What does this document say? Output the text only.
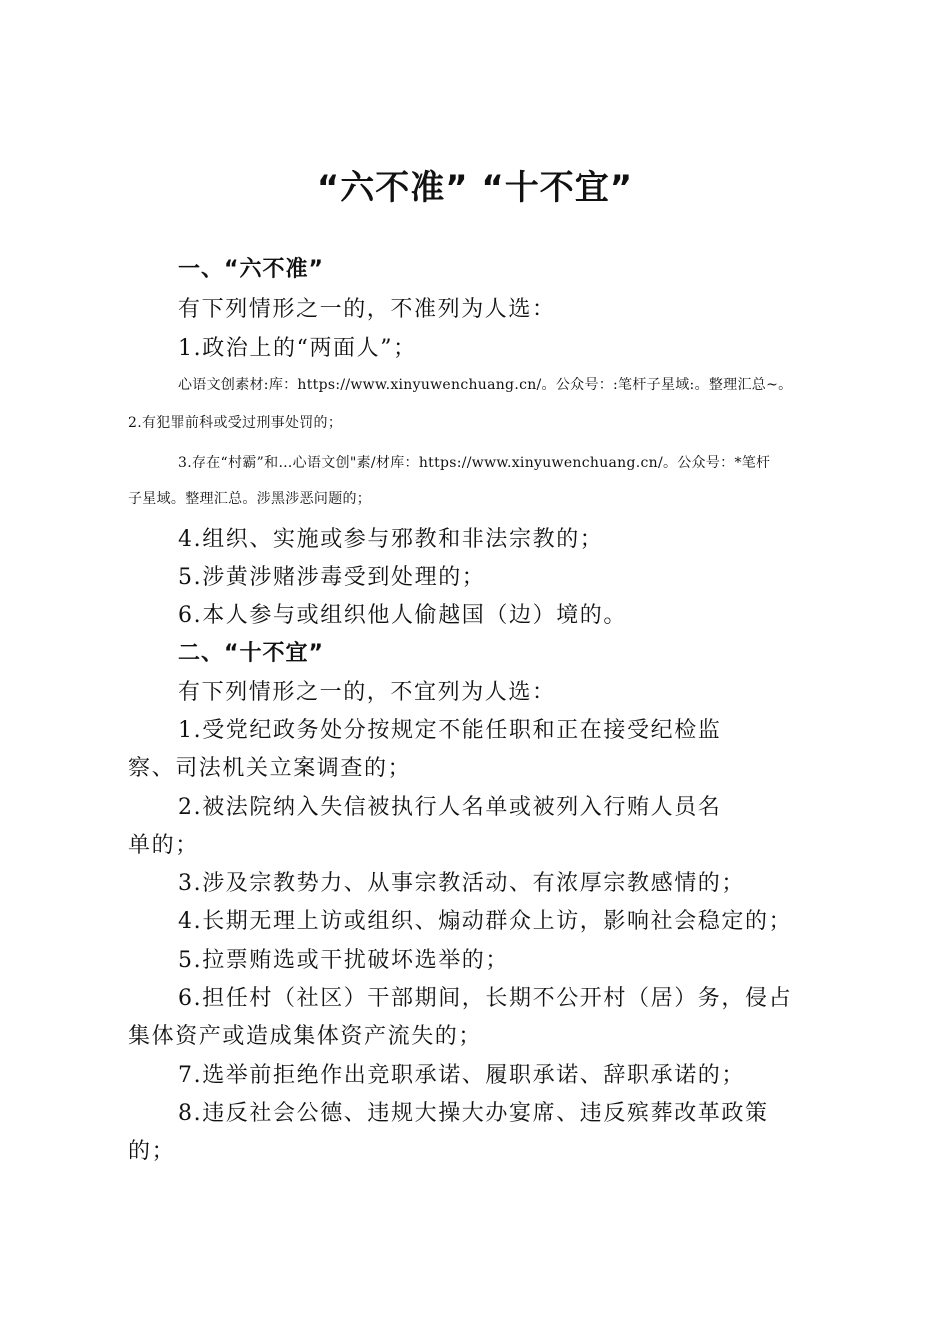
“六不准” “十不宜”

一、“六不准”

有下列情形之一的，不准列为人选：

1.政治上的“两面人”；

心语文创素材:库：https://www.xinyuwenchuang.cn/。公众号：:笔杆子星域:。整理汇总~。

2.有犯罪前科或受过刑事处罚的；

3.存在“村霸”和…心语文创"素/材库：https://www.xinyuwenchuang.cn/。公众号：*笔杆

子星域。整理汇总。涉黑涉恶问题的；

4.组织、实施或参与邪教和非法宗教的；

5.涉黄涉赌涉毒受到处理的；

6.本人参与或组织他人偷越国（边）境的。

二、“十不宜”

有下列情形之一的，不宜列为人选：

1.受党纪政务处分按规定不能任职和正在接受纪检监

察、司法机关立案调查的；

2.被法院纳入失信被执行人名单或被列入行贿人员名

单的；

3.涉及宗教势力、从事宗教活动、有浓厚宗教感情的；

4.长期无理上访或组织、煽动群众上访，影响社会稳定的；

5.拉票贿选或干扰破坏选举的；

6.担任村（社区）干部期间，长期不公开村（居）务，侵占

集体资产或造成集体资产流失的；

7.选举前拒绝作出竞职承诺、履职承诺、辞职承诺的；

8.违反社会公德、违规大操大办宴席、违反殡葬改革政策

的；
